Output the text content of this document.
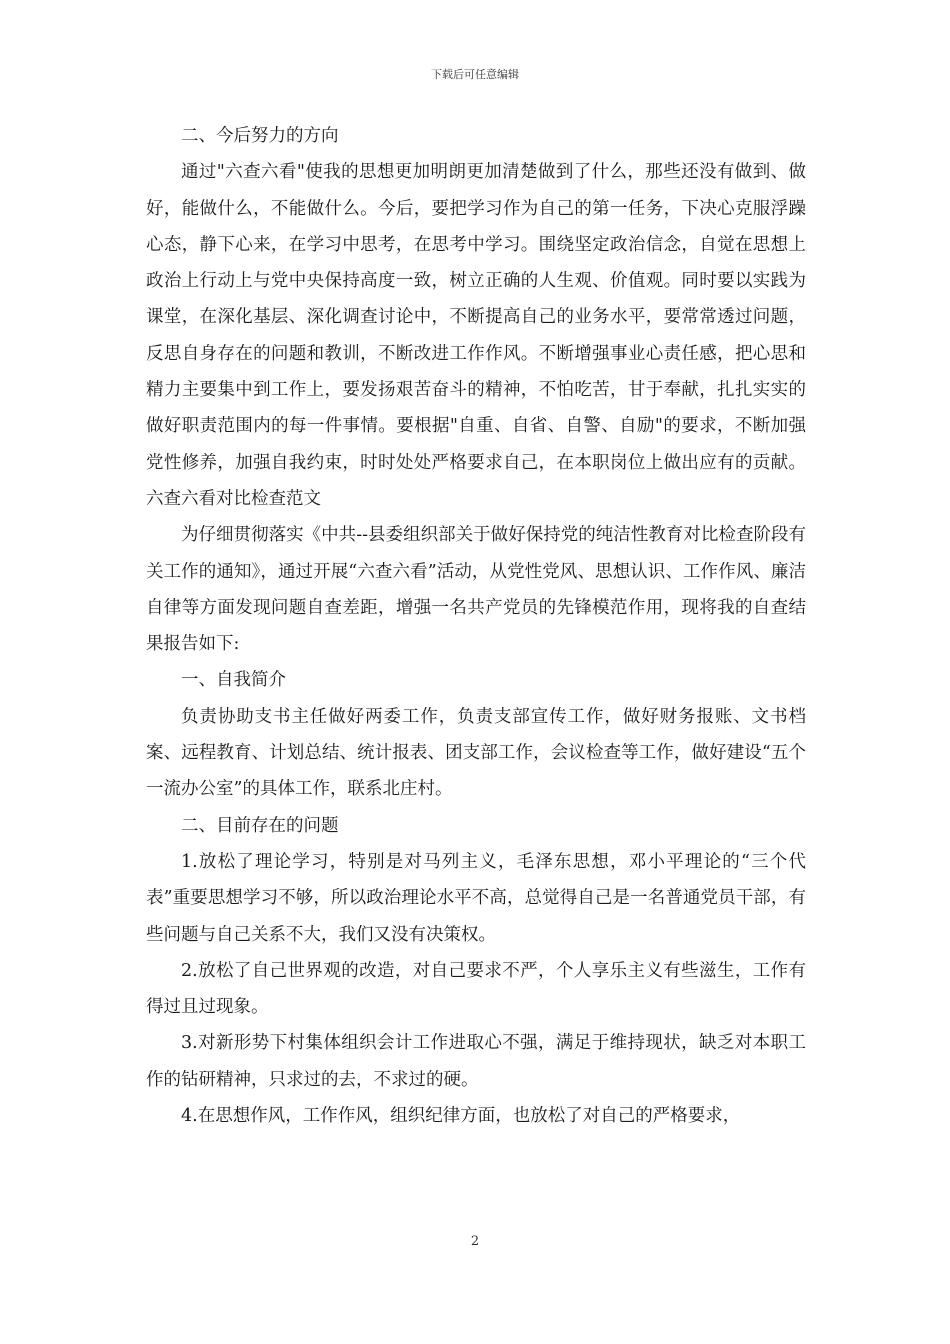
下载后可任意编辑

二、今后努力的方向

通过"六查六看"使我的思想更加明朗更加清楚做到了什么，那些还没有做到、做好，能做什么，不能做什么。今后，要把学习作为自己的第一任务，下决心克服浮躁心态，静下心来，在学习中思考，在思考中学习。围绕坚定政治信念，自觉在思想上政治上行动上与党中央保持高度一致，树立正确的人生观、价值观。同时要以实践为课堂，在深化基层、深化调查讨论中，不断提高自己的业务水平，要常常透过问题，反思自身存在的问题和教训，不断改进工作作风。不断增强事业心责任感，把心思和精力主要集中到工作上，要发扬艰苦奋斗的精神，不怕吃苦，甘于奉献，扎扎实实的做好职责范围内的每一件事情。要根据"自重、自省、自警、自励"的要求，不断加强党性修养，加强自我约束，时时处处严格要求自己，在本职岗位上做出应有的贡献。六查六看对比检查范文

为仔细贯彻落实《中共--县委组织部关于做好保持党的纯洁性教育对比检查阶段有关工作的通知》，通过开展“六查六看”活动，从党性党风、思想认识、工作作风、廉洁自律等方面发现问题自查差距，增强一名共产党员的先锋模范作用，现将我的自查结果报告如下:

一、自我简介

负责协助支书主任做好两委工作，负责支部宣传工作，做好财务报账、文书档案、远程教育、计划总结、统计报表、团支部工作，会议检查等工作，做好建设“五个一流办公室”的具体工作，联系北庄村。

二、目前存在的问题

1.放松了理论学习，特别是对马列主义，毛泽东思想，邓小平理论的“三个代表”重要思想学习不够，所以政治理论水平不高，总觉得自己是一名普通党员干部，有些问题与自己关系不大，我们又没有决策权。

2.放松了自己世界观的改造，对自己要求不严，个人享乐主义有些滋生，工作有得过且过现象。

3.对新形势下村集体组织会计工作进取心不强，满足于维持现状，缺乏对本职工作的钻研精神，只求过的去，不求过的硬。

4.在思想作风，工作作风，组织纪律方面，也放松了对自己的严格要求，

2
